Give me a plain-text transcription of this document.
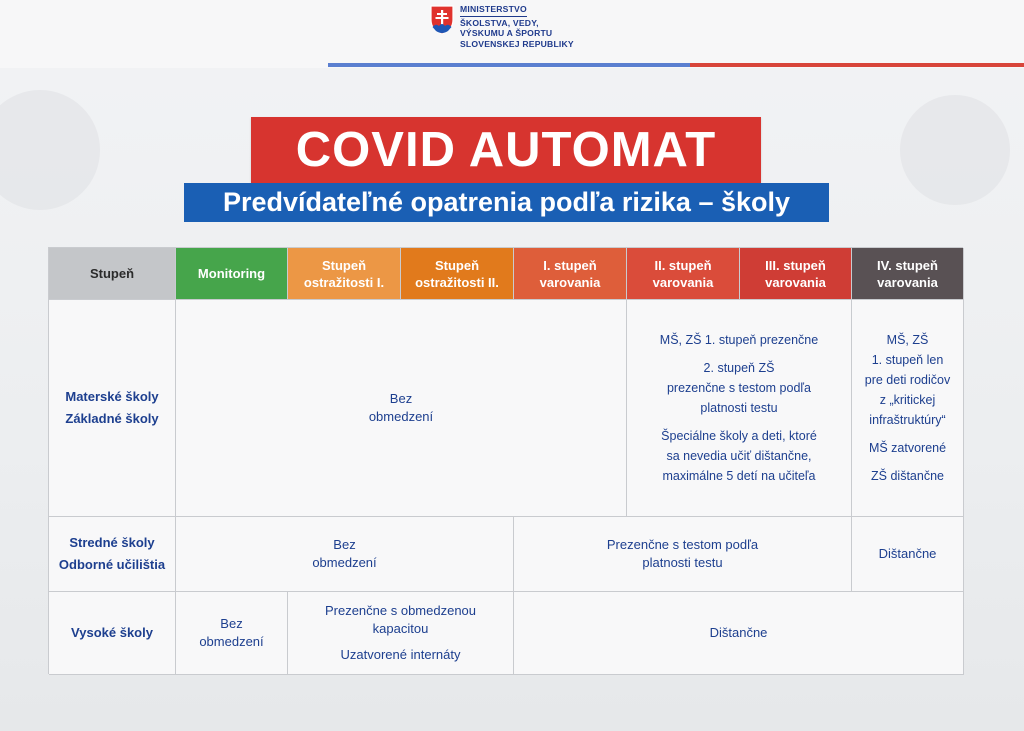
MINISTERSTVO
ŠKOLSTVA, VEDY,
VÝSKUMU A ŠPORTU
SLOVENSKEJ REPUBLIKY
COVID AUTOMAT
Predvídateľné opatrenia podľa rizika – školy
Stupeň	Monitoring
Stupeň
ostražitosti I.
Stupeň
ostražitosti II.
I. stupeň
varovania
II. stupeň
varovania
III. stupeň
varovania
IV. stupeň
varovania
Materské školy
Základné školy
Bez
obmedzení
MŠ, ZŠ 1. stupeň prezenčne
2. stupeň ZŠ
prezenčne s testom podľa
platnosti testu
Špeciálne školy a deti, ktoré
sa nevedia učiť dištančne,
maximálne 5 detí na učiteľa
MŠ, ZŠ
1. stupeň len
pre deti rodičov
z „kritickej
infraštruktúry“
MŠ zatvorené
ZŠ dištančne
Stredné školy
Odborné učilištia
Bez
obmedzení
Prezenčne s testom podľa
platnosti testu
Dištančne
Vysoké školy
Bez
obmedzení
Prezenčne s obmedzenou
kapacitou
Uzatvorené internáty
Dištančne
